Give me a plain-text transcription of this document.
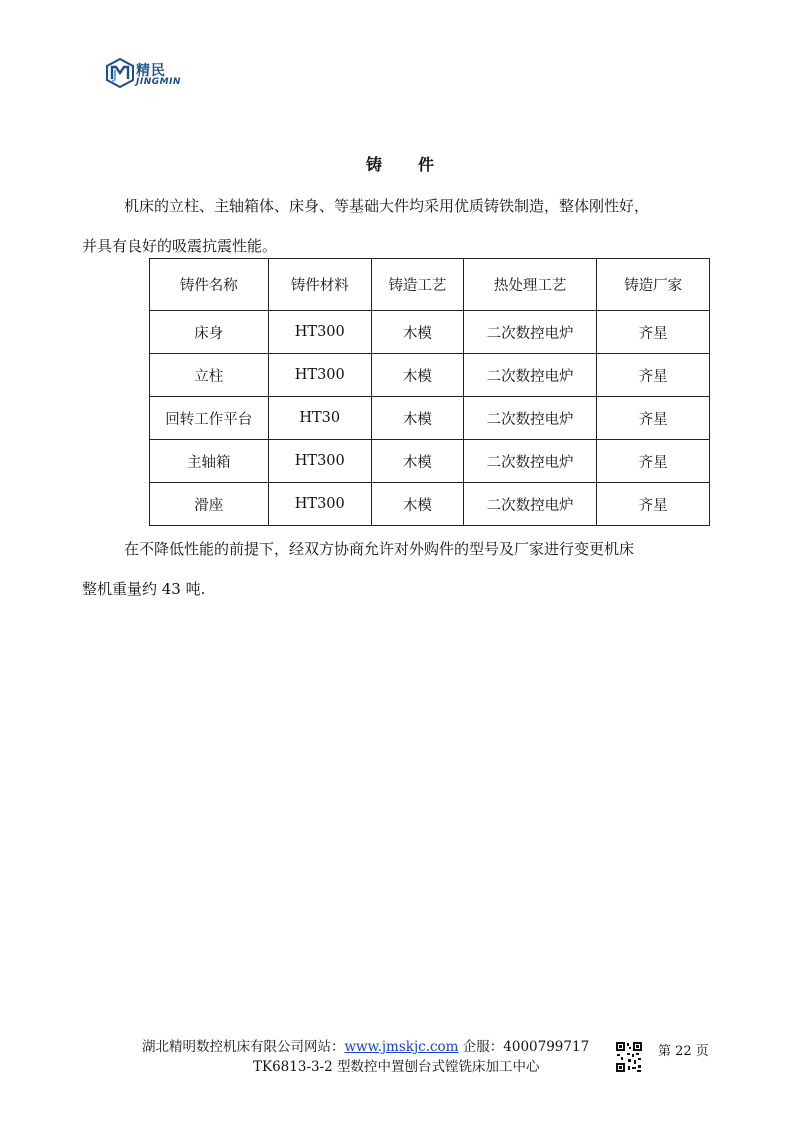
精民
JINGMIN
铸件
机床的立柱、主轴箱体、床身、等基础大件均采用优质铸铁制造，整体刚性好，
并具有良好的吸震抗震性能。
铸件名称	铸件材料	铸造工艺	热处理工艺	铸造厂家
床身	HT300	木模	二次数控电炉	齐星
立柱	HT300	木模	二次数控电炉	齐星
回转工作平台	HT30	木模	二次数控电炉	齐星
主轴箱	HT300	木模	二次数控电炉	齐星
滑座	HT300	木模	二次数控电炉	齐星
在不降低性能的前提下，经双方协商允许对外购件的型号及厂家进行变更机床
整机重量约 43 吨.
湖北精明数控机床有限公司网站：www.jmskjc.com 企服：4000799717
TK6813-3-2 型数控中置刨台式镗铣床加工中心
第 22 页
